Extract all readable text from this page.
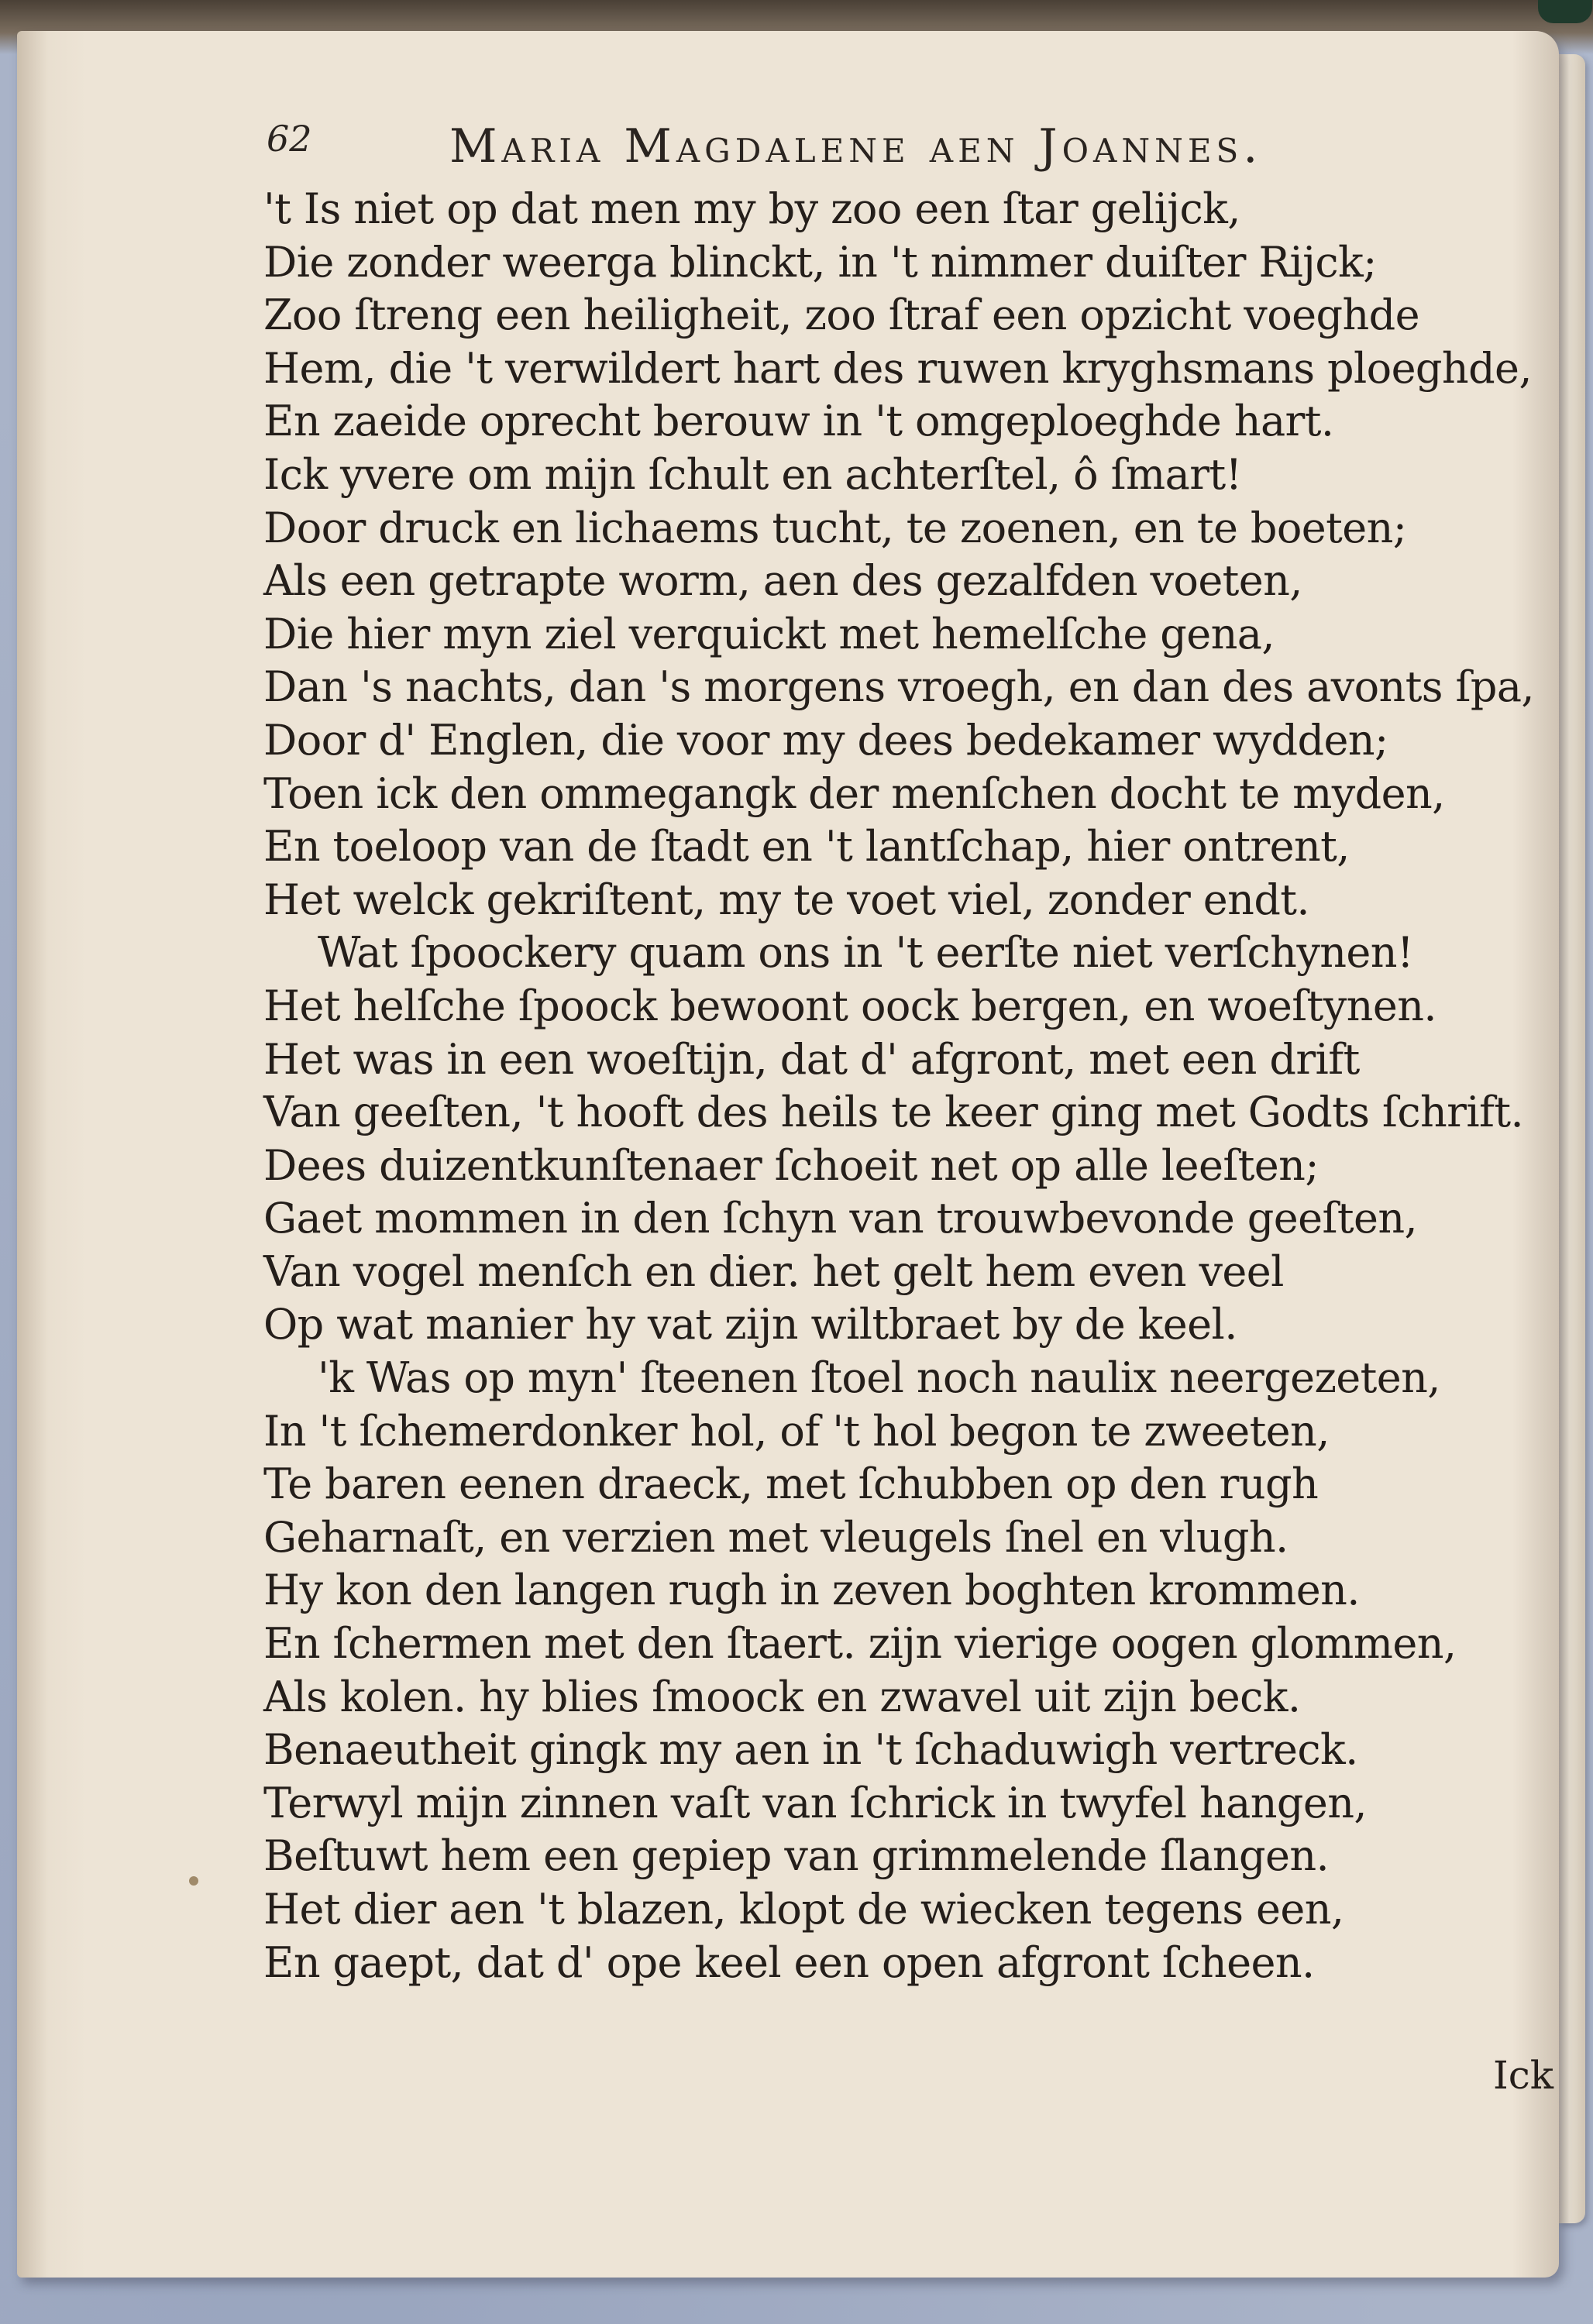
62	Maria Magdalene aen Joannes.
't Is niet op dat men my by zoo een ſtar gelijck,
Die zonder weerga blinckt, in 't nimmer duiſter Rijck;
Zoo ſtreng een heiligheit, zoo ſtraf een opzicht voeghde
Hem, die 't verwildert hart des ruwen kryghsmans ploeghde,
En zaeide oprecht berouw in 't omgeploeghde hart.
Ick yvere om mijn ſchult en achterſtel, ô ſmart!
Door druck en lichaems tucht, te zoenen, en te boeten;
Als een getrapte worm, aen des gezalfden voeten,
Die hier myn ziel verquickt met hemelſche gena,
Dan 's nachts, dan 's morgens vroegh, en dan des avonts ſpa,
Door d' Englen, die voor my dees bedekamer wydden;
Toen ick den ommegangk der menſchen docht te myden,
En toeloop van de ſtadt en 't lantſchap, hier ontrent,
Het welck gekriſtent, my te voet viel, zonder endt.
Wat ſpoockery quam ons in 't eerſte niet verſchynen!
Het helſche ſpoock bewoont oock bergen, en woeſtynen.
Het was in een woeſtijn, dat d' afgront, met een drift
Van geeſten, 't hooft des heils te keer ging met Godts ſchrift.
Dees duizentkunſtenaer ſchoeit net op alle leeſten;
Gaet mommen in den ſchyn van trouwbevonde geeſten,
Van vogel menſch en dier. het gelt hem even veel
Op wat manier hy vat zijn wiltbraet by de keel.
'k Was op myn' ſteenen ſtoel noch naulix neergezeten,
In 't ſchemerdonker hol, of 't hol begon te zweeten,
Te baren eenen draeck, met ſchubben op den rugh
Geharnaſt, en verzien met vleugels ſnel en vlugh.
Hy kon den langen rugh in zeven boghten krommen.
En ſchermen met den ſtaert. zijn vierige oogen glommen,
Als kolen. hy blies ſmoock en zwavel uit zijn beck.
Benaeutheit gingk my aen in 't ſchaduwigh vertreck.
Terwyl mijn zinnen vaſt van ſchrick in twyfel hangen,
Beſtuwt hem een gepiep van grimmelende ſlangen.
Het dier aen 't blazen, klopt de wiecken tegens een,
En gaept, dat d' ope keel een open afgront ſcheen.
Ick
